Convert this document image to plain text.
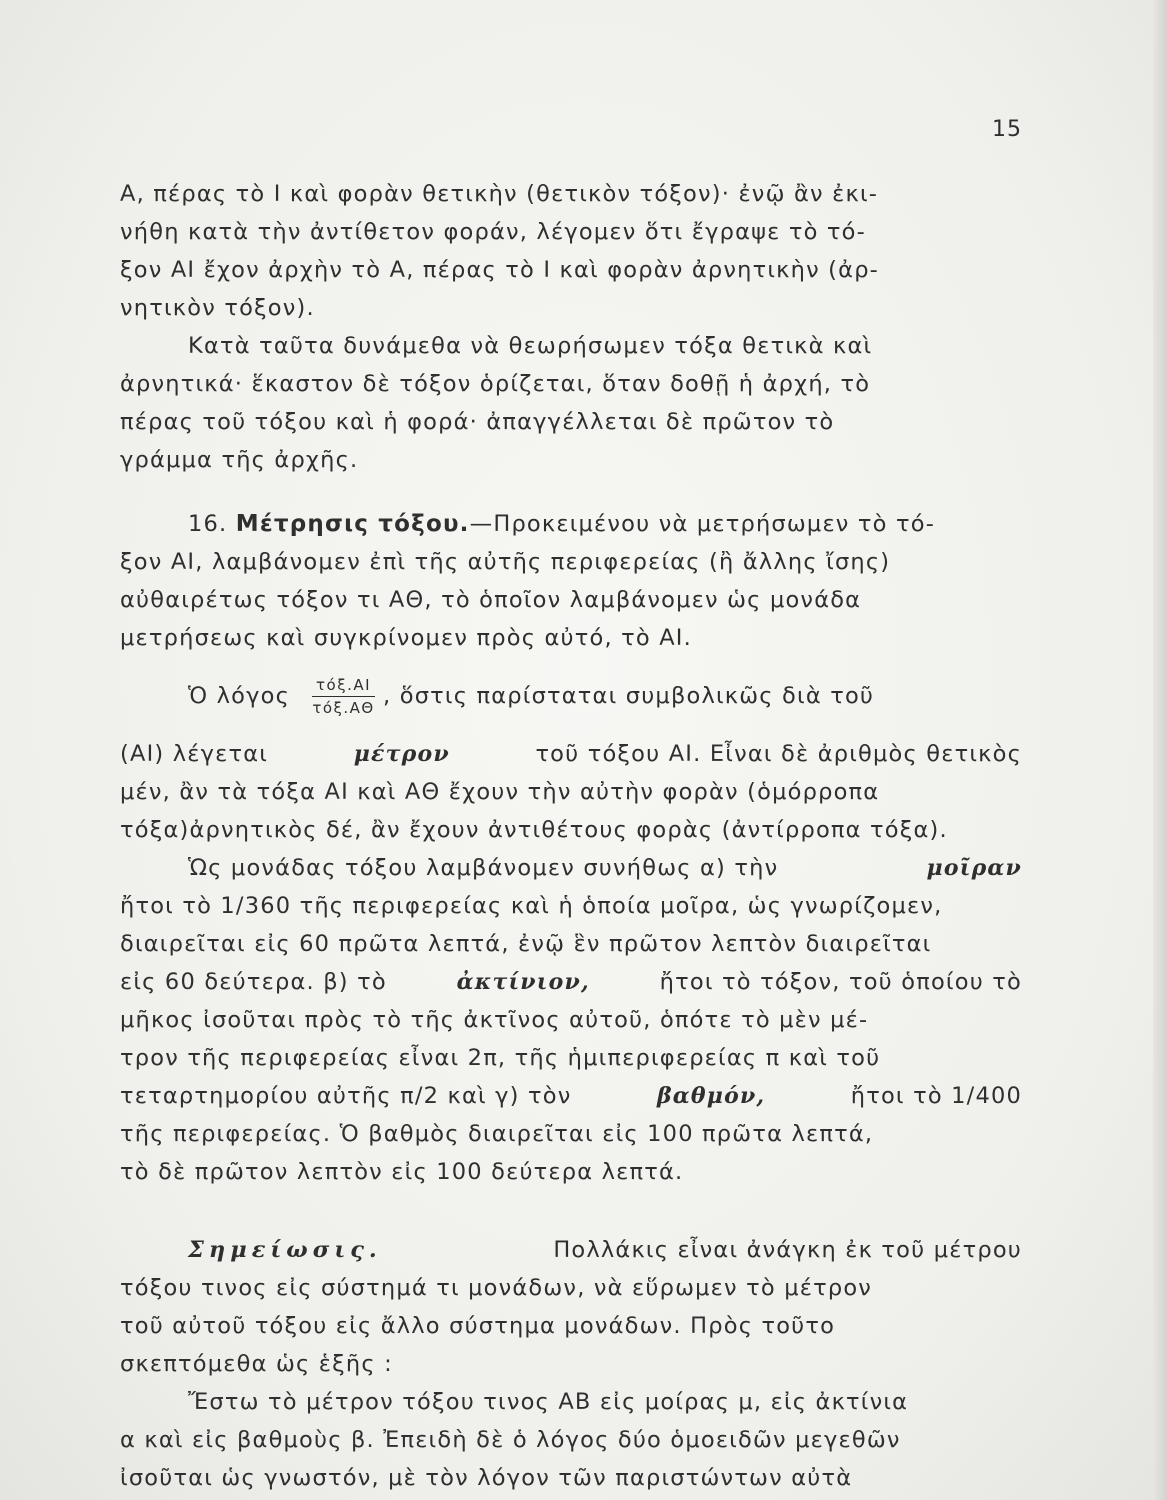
15
Α, πέρας τὸ Ι καὶ φορὰν θετικὴν (θετικὸν τόξον)· ἐνῷ ἂν ἐκι-
νήθη κατὰ τὴν ἀντίθετον φοράν, λέγομεν ὅτι ἔγραψε τὸ τό-
ξον ΑΙ ἔχον ἀρχὴν τὸ Α, πέρας τὸ Ι καὶ φορὰν ἀρνητικὴν (ἀρ-
νητικὸν τόξον).
Κατὰ ταῦτα δυνάμεθα νὰ θεωρήσωμεν τόξα θετικὰ καὶ
ἀρνητικά· ἕκαστον δὲ τόξον ὁρίζεται, ὅταν δοθῇ ἡ ἀρχή, τὸ
πέρας τοῦ τόξου καὶ ἡ φορά· ἀπαγγέλλεται δὲ πρῶτον τὸ
γράμμα τῆς ἀρχῆς.
16. Μέτρησις τόξου.—Προκειμένου νὰ μετρήσωμεν τὸ τό-
ξον ΑΙ, λαμβάνομεν ἐπὶ τῆς αὐτῆς περιφερείας (ἢ ἄλλης ἴσης)
αὐθαιρέτως τόξον τι ΑΘ, τὸ ὁποῖον λαμβάνομεν ὡς μονάδα
μετρήσεως καὶ συγκρίνομεν πρὸς αὐτό, τὸ ΑΙ.
Ὁ λόγος $\frac{\text{τόξ.ΑΙ}}{\text{τόξ.ΑΘ}}$ , ὅστις παρίσταται συμβολικῶς διὰ τοῦ
(ΑΙ) λέγεται	μέτρον	τοῦ τόξου ΑΙ. Εἶναι δὲ ἀριθμὸς θετικὸς
μέν, ἂν τὰ τόξα ΑΙ καὶ ΑΘ ἔχουν τὴν αὐτὴν φορὰν (ὁμόρροπα
τόξα)ἀρνητικὸς δέ, ἂν ἔχουν ἀντιθέτους φορὰς (ἀντίρροπα τόξα).
Ὡς μονάδας τόξου λαμβάνομεν συνήθως α) τὴν	μοῖραν
ἤτοι τὸ 1/360 τῆς περιφερείας καὶ ἡ ὁποία μοῖρα, ὡς γνωρίζομεν,
διαιρεῖται εἰς 60 πρῶτα λεπτά, ἐνῷ ἓν πρῶτον λεπτὸν διαιρεῖται
εἰς 60 δεύτερα. β) τὸ	ἀκτίνιον,	ἤτοι τὸ τόξον, τοῦ ὁποίου τὸ
μῆκος ἰσοῦται πρὸς τὸ τῆς ἀκτῖνος αὐτοῦ, ὁπότε τὸ μὲν μέ-
τρον τῆς περιφερείας εἶναι 2π, τῆς ἡμιπεριφερείας π καὶ τοῦ
τεταρτημορίου αὐτῆς π/2 καὶ γ) τὸν	βαθμόν,	ἤτοι τὸ 1/400
τῆς περιφερείας. Ὁ βαθμὸς διαιρεῖται εἰς 100 πρῶτα λεπτά,
τὸ δὲ πρῶτον λεπτὸν εἰς 100 δεύτερα λεπτά.
Σημείωσις.	Πολλάκις εἶναι ἀνάγκη ἐκ τοῦ μέτρου
τόξου τινος εἰς σύστημά τι μονάδων, νὰ εὕρωμεν τὸ μέτρον
τοῦ αὐτοῦ τόξου εἰς ἄλλο σύστημα μονάδων. Πρὸς τοῦτο
σκεπτόμεθα ὡς ἑξῆς :
Ἔστω τὸ μέτρον τόξου τινος ΑΒ εἰς μοίρας μ, εἰς ἀκτίνια
α καὶ εἰς βαθμοὺς β. Ἐπειδὴ δὲ ὁ λόγος δύο ὁμοειδῶν μεγεθῶν
ἰσοῦται ὡς γνωστόν, μὲ τὸν λόγον τῶν παριστώντων αὐτὰ
